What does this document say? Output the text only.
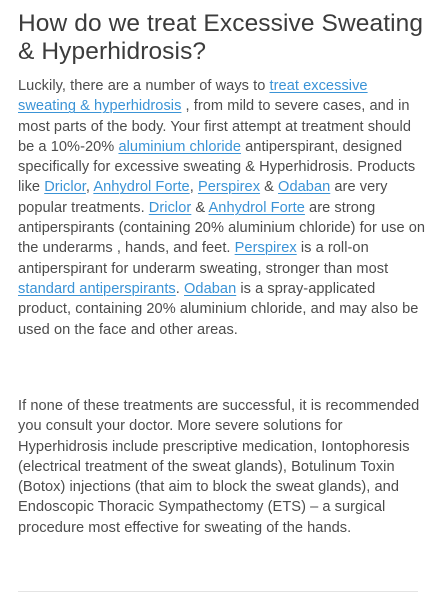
How do we treat Excessive Sweating & Hyperhidrosis?

Luckily, there are a number of ways to treat excessive sweating & hyperhidrosis , from mild to severe cases, and in most parts of the body. Your first attempt at treatment should be a 10%-20% aluminium chloride antiperspirant, designed specifically for excessive sweating & Hyperhidrosis. Products like Driclor, Anhydrol Forte, Perspirex & Odaban are very popular treatments. Driclor & Anhydrol Forte are strong antiperspirants (containing 20% aluminium chloride) for use on the underarms , hands, and feet. Perspirex is a roll-on antiperspirant for underarm sweating, stronger than most standard antiperspirants. Odaban is a spray-applicated product, containing 20% aluminium chloride, and may also be used on the face and other areas.

If none of these treatments are successful, it is recommended you consult your doctor. More severe solutions for Hyperhidrosis include prescriptive medication, Iontophoresis (electrical treatment of the sweat glands), Botulinum Toxin (Botox) injections (that aim to block the sweat glands), and Endoscopic Thoracic Sympathectomy (ETS) – a surgical procedure most effective for sweating of the hands.
